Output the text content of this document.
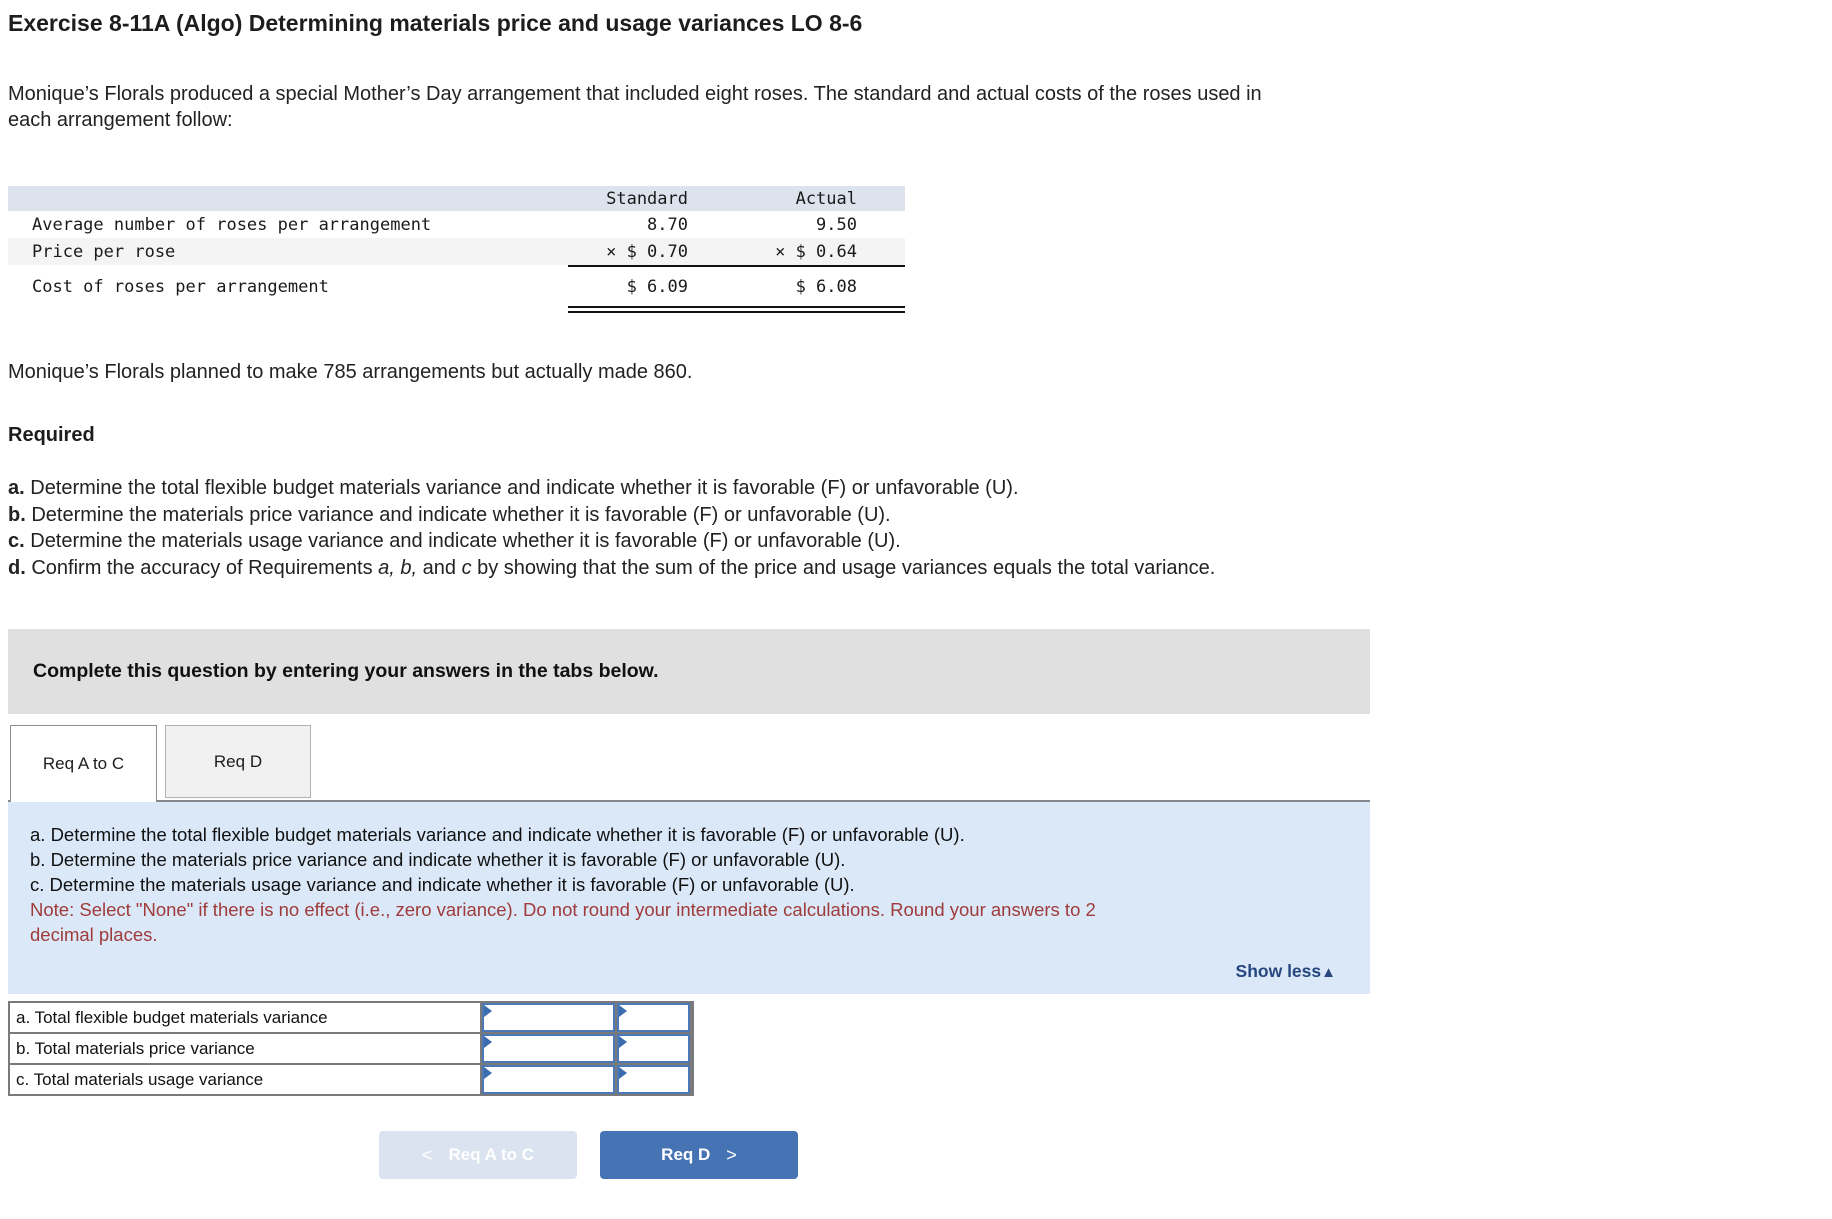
Exercise 8-11A (Algo) Determining materials price and usage variances LO 8-6

Monique’s Florals produced a special Mother’s Day arrangement that included eight roses. The standard and actual costs of the roses used in each arrangement follow:

Standard	Actual
Average number of roses per arrangement	8.70	9.50
Price per rose	× $ 0.70	× $ 0.64
Cost of roses per arrangement	$ 6.09	$ 6.08

Monique’s Florals planned to make 785 arrangements but actually made 860.

Required
a. Determine the total flexible budget materials variance and indicate whether it is favorable (F) or unfavorable (U).
b. Determine the materials price variance and indicate whether it is favorable (F) or unfavorable (U).
c. Determine the materials usage variance and indicate whether it is favorable (F) or unfavorable (U).
d. Confirm the accuracy of Requirements a, b, and c by showing that the sum of the price and usage variances equals the total variance.
Complete this question by entering your answers in the tabs below.
Req A to C	Req D
a. Determine the total flexible budget materials variance and indicate whether it is favorable (F) or unfavorable (U).
b. Determine the materials price variance and indicate whether it is favorable (F) or unfavorable (U).
c. Determine the materials usage variance and indicate whether it is favorable (F) or unfavorable (U).
Note: Select "None" if there is no effect (i.e., zero variance). Do not round your intermediate calculations. Round your answers to 2 decimal places.
Show less▲
a. Total flexible budget materials variance
b. Total materials price variance
c. Total materials usage variance
< Req A to C	Req D >
